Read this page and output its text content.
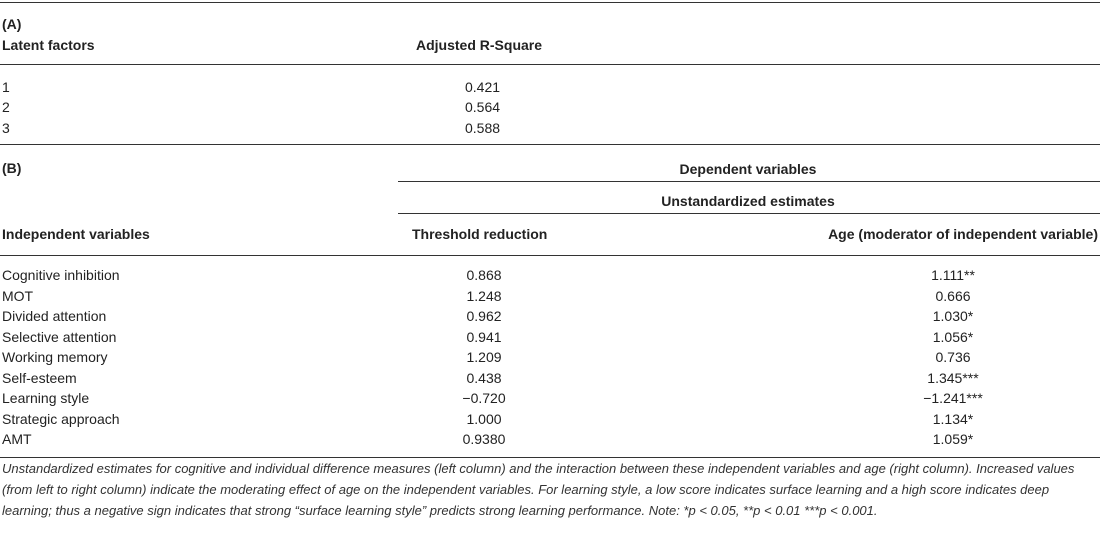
(A)
Latent factors	Adjusted R-Square
1	0.421
2	0.564
3	0.588
(B)	Dependent variables
Unstandardized estimates
Independent variables	Threshold reduction	Age (moderator of independent variable)
Cognitive inhibition	0.868	1.111**
MOT	1.248	0.666
Divided attention	0.962	1.030*
Selective attention	0.941	1.056*
Working memory	1.209	0.736
Self-esteem	0.438	1.345***
Learning style	−0.720	−1.241***
Strategic approach	1.000	1.134*
AMT	0.9380	1.059*
Unstandardized estimates for cognitive and individual difference measures (left column) and the interaction between these independent variables and age (right column). Increased values (from left to right column) indicate the moderating effect of age on the independent variables. For learning style, a low score indicates surface learning and a high score indicates deep learning; thus a negative sign indicates that strong “surface learning style” predicts strong learning performance. Note: *p < 0.05, **p < 0.01 ***p < 0.001.
